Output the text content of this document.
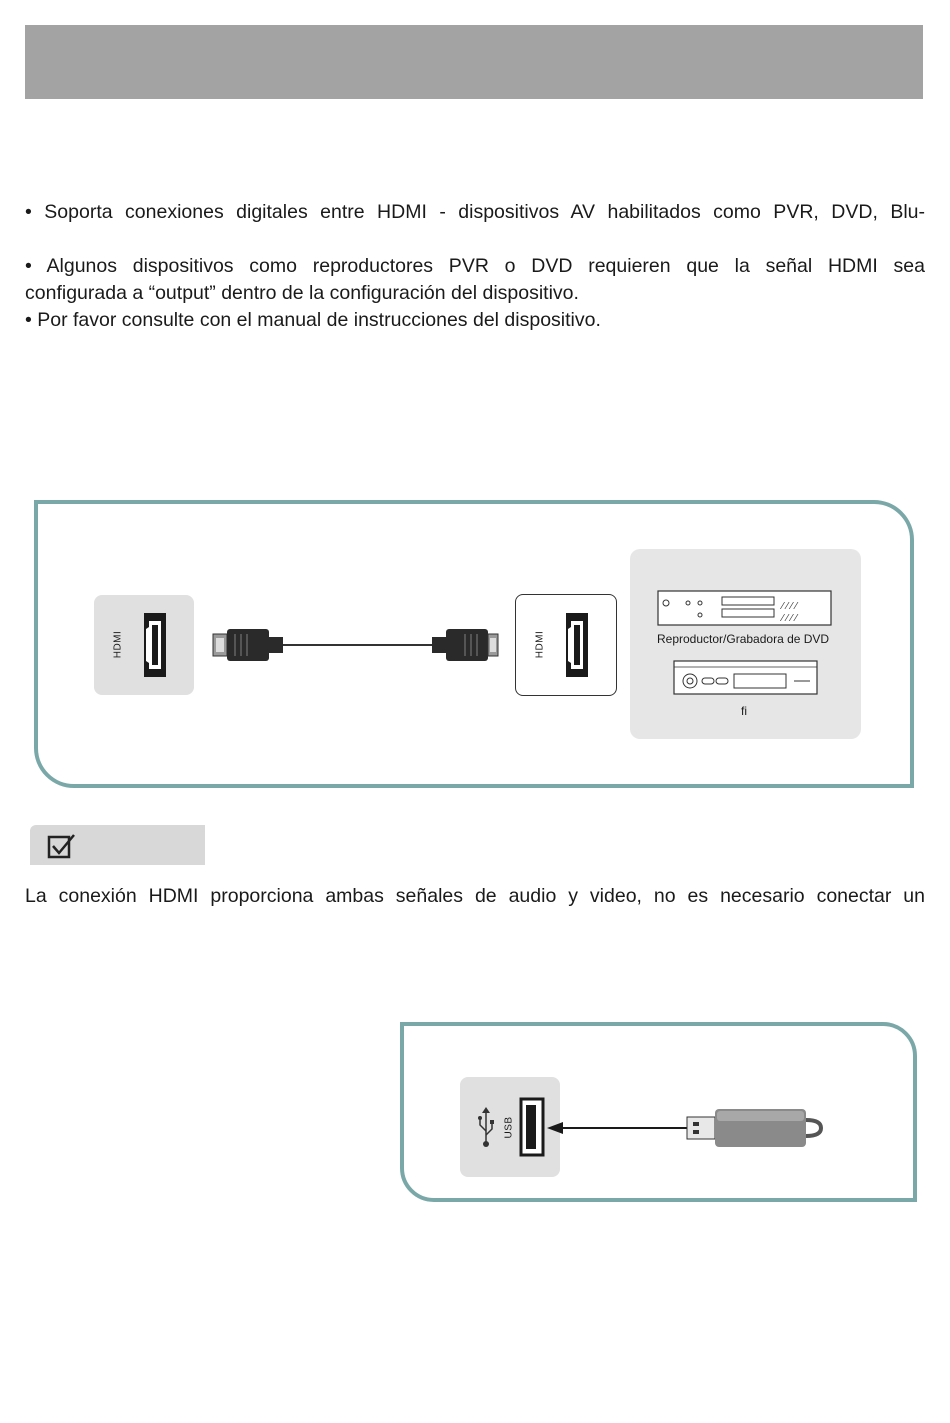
• Soporta conexiones digitales entre HDMI - dispositivos AV habilitados como PVR, DVD, Blu-

• Algunos dispositivos como reproductores PVR o DVD requieren que la señal HDMI sea

configurada a “output” dentro de la configuración del dispositivo.

• Por favor consulte con el manual de instrucciones del dispositivo.

HDMI	HDMI
⁄ ⁄ ⁄ ⁄
⁄ ⁄ ⁄ ⁄
Reproductor/Grabadora de DVD
fi

La conexión HDMI proporciona ambas señales de audio y video, no es necesario conectar un

USB
